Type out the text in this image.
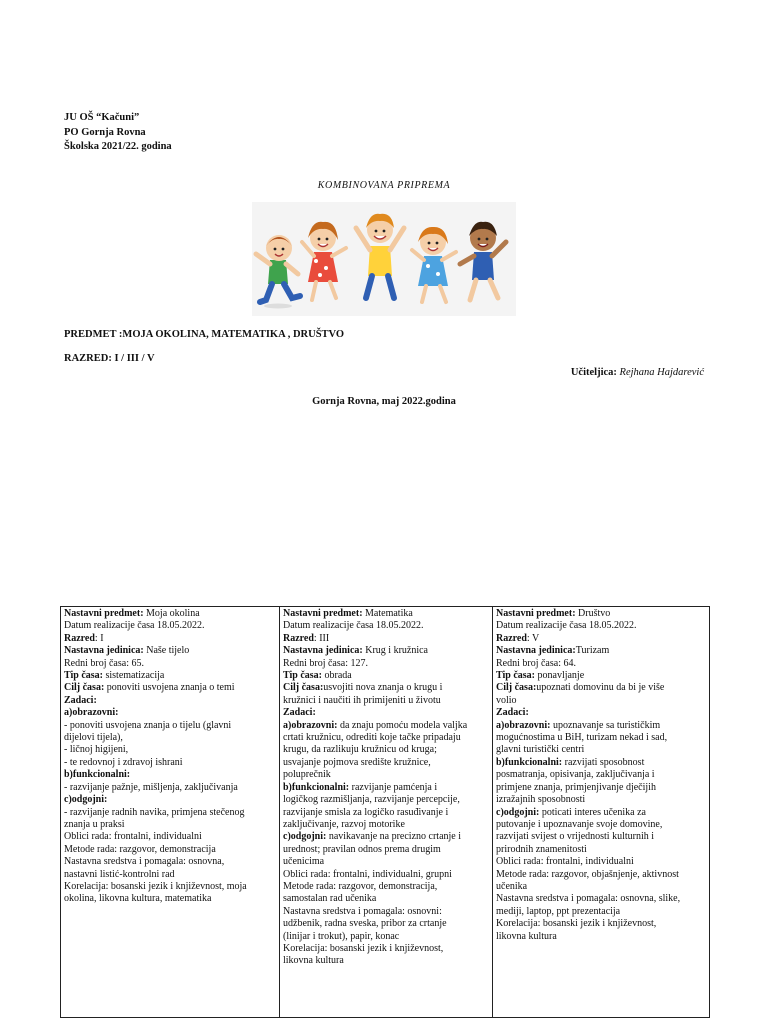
JU OŠ “Kačuni”
PO Gornja Rovna
Školska 2021/22. godina
KOMBINOVANA PRIPREMA
PREDMET :MOJA OKOLINA, MATEMATIKA , DRUŠTVO
RAZRED: I / III / V
Učiteljica: Rejhana Hajdarević
Gornja Rovna, maj 2022.godina
Nastavni predmet: Moja okolina
Datum realizacije časa 18.05.2022.
Razred: I
Nastavna jedinica: Naše tijelo
Redni broj časa: 65.
Tip časa: sistematizacija
Cilj časa: ponoviti usvojena znanja o temi
Zadaci:
a)obrazovni:
- ponoviti usvojena znanja o tijelu (glavni
dijelovi tijela),
- ličnoj higijeni,
- te redovnoj i zdravoj ishrani
b)funkcionalni:
- razvijanje pažnje, mišljenja, zaključivanja
c)odgojni:
- razvijanje radnih navika, primjena stečenog
znanja u praksi
Oblici rada: frontalni, individualni
Metode rada: razgovor, demonstracija
Nastavna sredstva i pomagala: osnovna,
nastavni listić-kontrolni rad
Korelacija: bosanski jezik i književnost, moja
okolina, likovna kultura, matematika

Nastavni predmet: Matematika
Datum realizacije časa 18.05.2022.
Razred: III
Nastavna jedinica: Krug i kružnica
Redni broj časa: 127.
Tip časa: obrada
Cilj časa:usvojiti nova znanja o krugu i
kružnici i naučiti ih primijeniti u životu
Zadaci:
a)obrazovni: da znaju pomoću modela valjka
crtati kružnicu, odrediti koje tačke pripadaju
krugu, da razlikuju kružnicu od kruga;
usvajanje pojmova središte kružnice,
poluprečnik
b)funkcionalni: razvijanje pamćenja i
logičkog razmišljanja, razvijanje percepcije,
razvijanje smisla za logičko rasuđivanje i
zaključivanje, razvoj motorike
c)odgojni: navikavanje na precizno crtanje i
urednost; pravilan odnos prema drugim
učenicima
Oblici rada: frontalni, individualni, grupni
Metode rada: razgovor, demonstracija,
samostalan rad učenika
Nastavna sredstva i pomagala: osnovni:
udžbenik, radna sveska, pribor za crtanje
(linijar i trokut), papir, konac
Korelacija: bosanski jezik i književnost,
likovna kultura

Nastavni predmet: Društvo
Datum realizacije časa 18.05.2022.
Razred: V
Nastavna jedinica:Turizam
Redni broj časa: 64.
Tip časa: ponavljanje
Cilj časa:upoznati domovinu da bi je više
volio
Zadaci:
a)obrazovni: upoznavanje sa turističkim
mogućnostima u BiH, turizam nekad i sad,
glavni turistički centri
b)funkcionalni: razvijati sposobnost
posmatranja, opisivanja, zaključivanja i
primjene znanja, primjenjivanje dječijih
izražajnih sposobnosti
c)odgojni: poticati interes učenika za
putovanje i upoznavanje svoje domovine,
razvijati svijest o vrijednosti kulturnih i
prirodnih znamenitosti
Oblici rada: frontalni, individualni
Metode rada: razgovor, objašnjenje, aktivnost
učenika
Nastavna sredstva i pomagala: osnovna, slike,
mediji, laptop, ppt prezentacija
Korelacija: bosanski jezik i književnost,
likovna kultura
